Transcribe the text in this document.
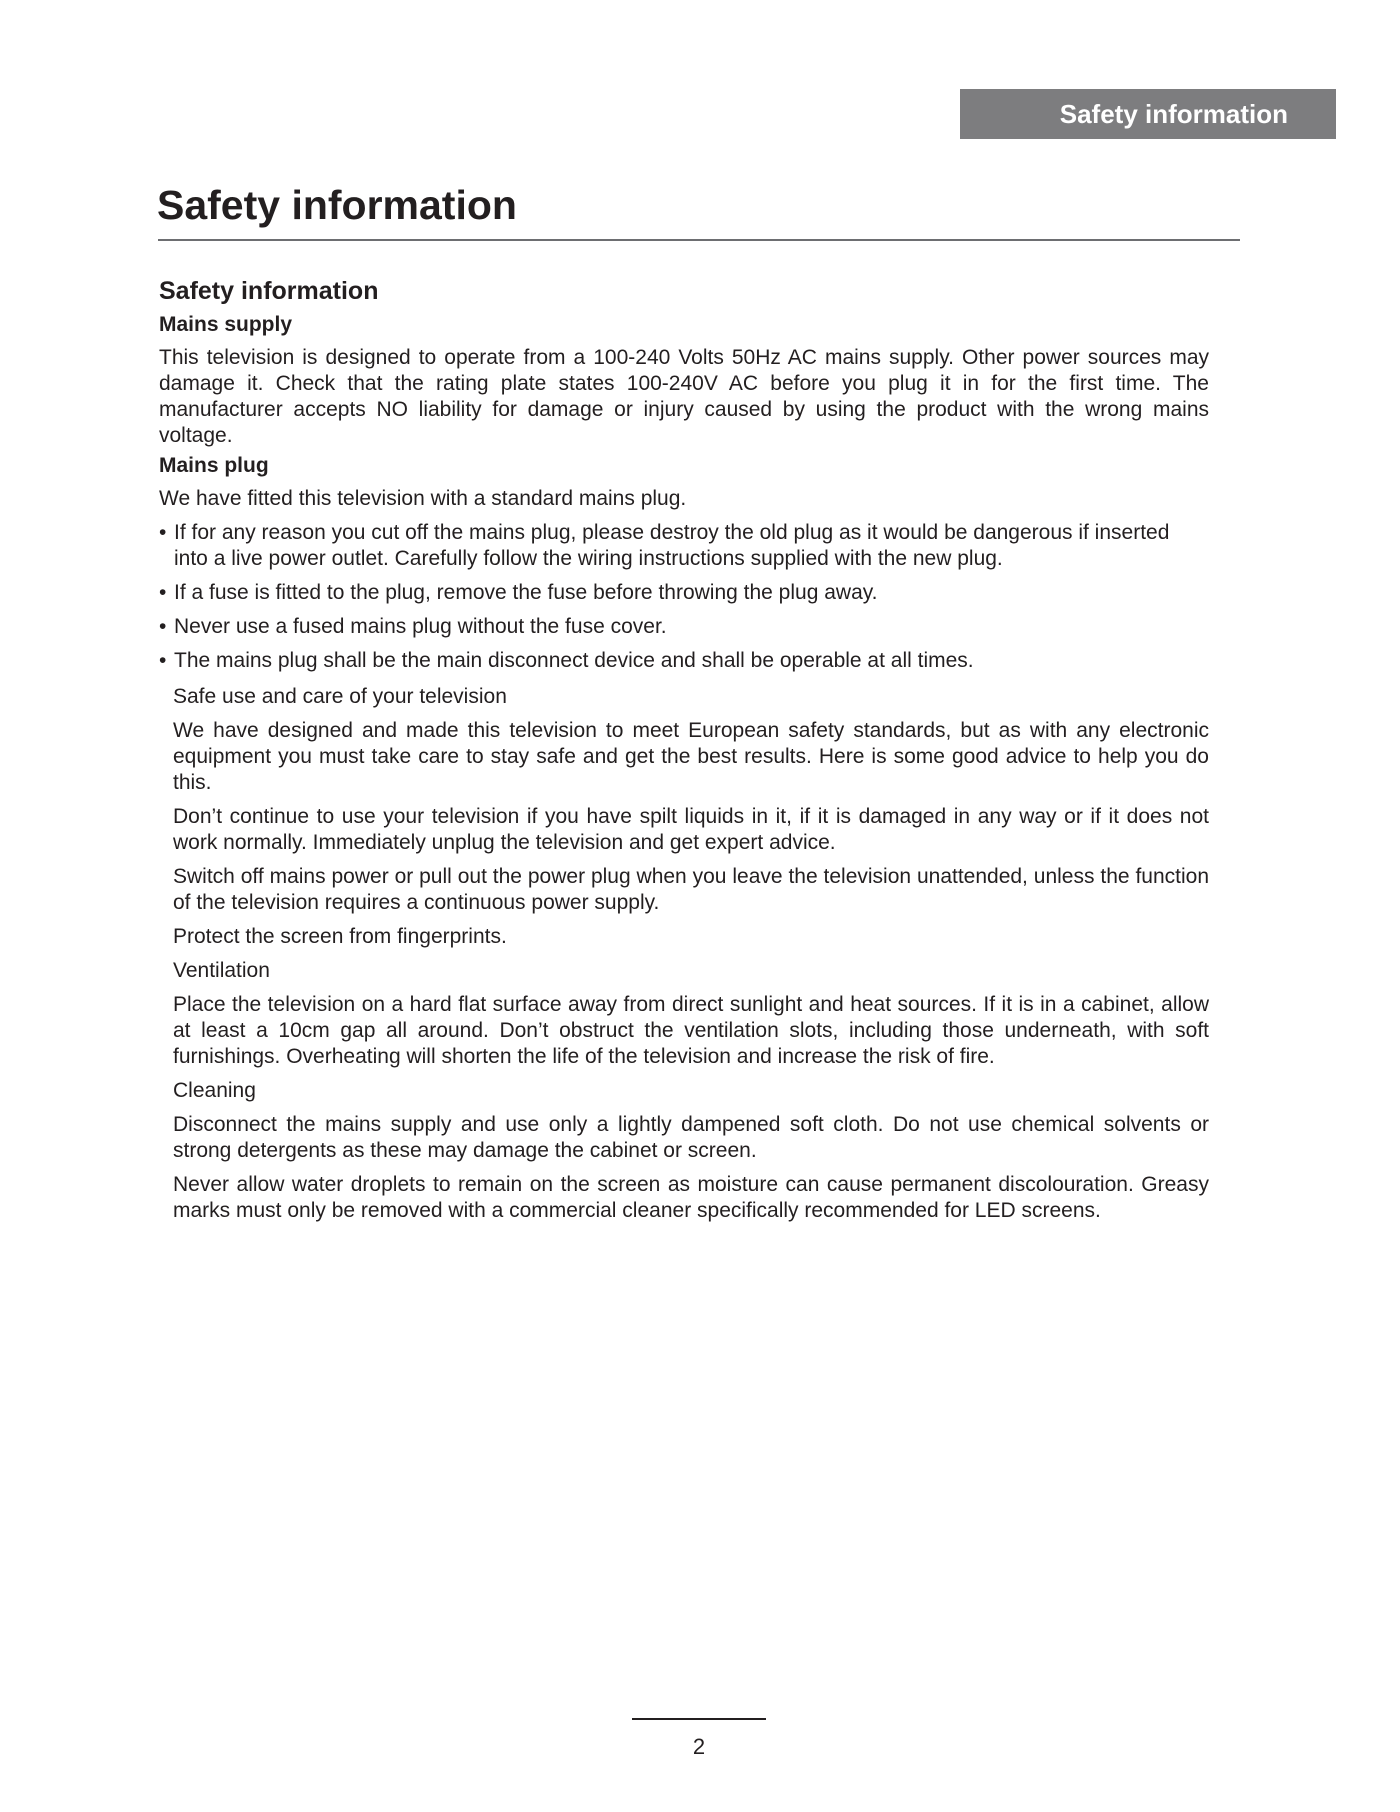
Safety information
Safety information
Safety information
Mains supply

This television is designed to operate from a 100-240 Volts 50Hz AC mains supply. Other power sources may damage it. Check that the rating plate states 100-240V AC before you plug it in for the first time. The manufacturer accepts NO liability for damage or injury caused by using the product with the wrong mains voltage.

Mains plug

We have fitted this television with a standard mains plug.

• If for any reason you cut off the mains plug, please destroy the old plug as it would be dangerous if inserted into a live power outlet. Carefully follow the wiring instructions supplied with the new plug.
• If a fuse is fitted to the plug, remove the fuse before throwing the plug away.
• Never use a fused mains plug without the fuse cover.
• The mains plug shall be the main disconnect device and shall be operable at all times.
Safe use and care of your television

We have designed and made this television to meet European safety standards, but as with any electronic equipment you must take care to stay safe and get the best results. Here is some good advice to help you do this.

Don’t continue to use your television if you have spilt liquids in it, if it is damaged in any way or if it does not work normally. Immediately unplug the television and get expert advice.

Switch off mains power or pull out the power plug when you leave the television unattended, unless the function of the television requires a continuous power supply.

Protect the screen from fingerprints.

Ventilation

Place the television on a hard flat surface away from direct sunlight and heat sources. If it is in a cabinet, allow at least a 10cm gap all around. Don’t obstruct the ventilation slots, including those underneath, with soft furnishings. Overheating will shorten the life of the television and increase the risk of fire.

Cleaning

Disconnect the mains supply and use only a lightly dampened soft cloth. Do not use chemical solvents or strong detergents as these may damage the cabinet or screen.

Never allow water droplets to remain on the screen as moisture can cause permanent discolouration. Greasy marks must only be removed with a commercial cleaner specifically recommended for LED screens.

2
